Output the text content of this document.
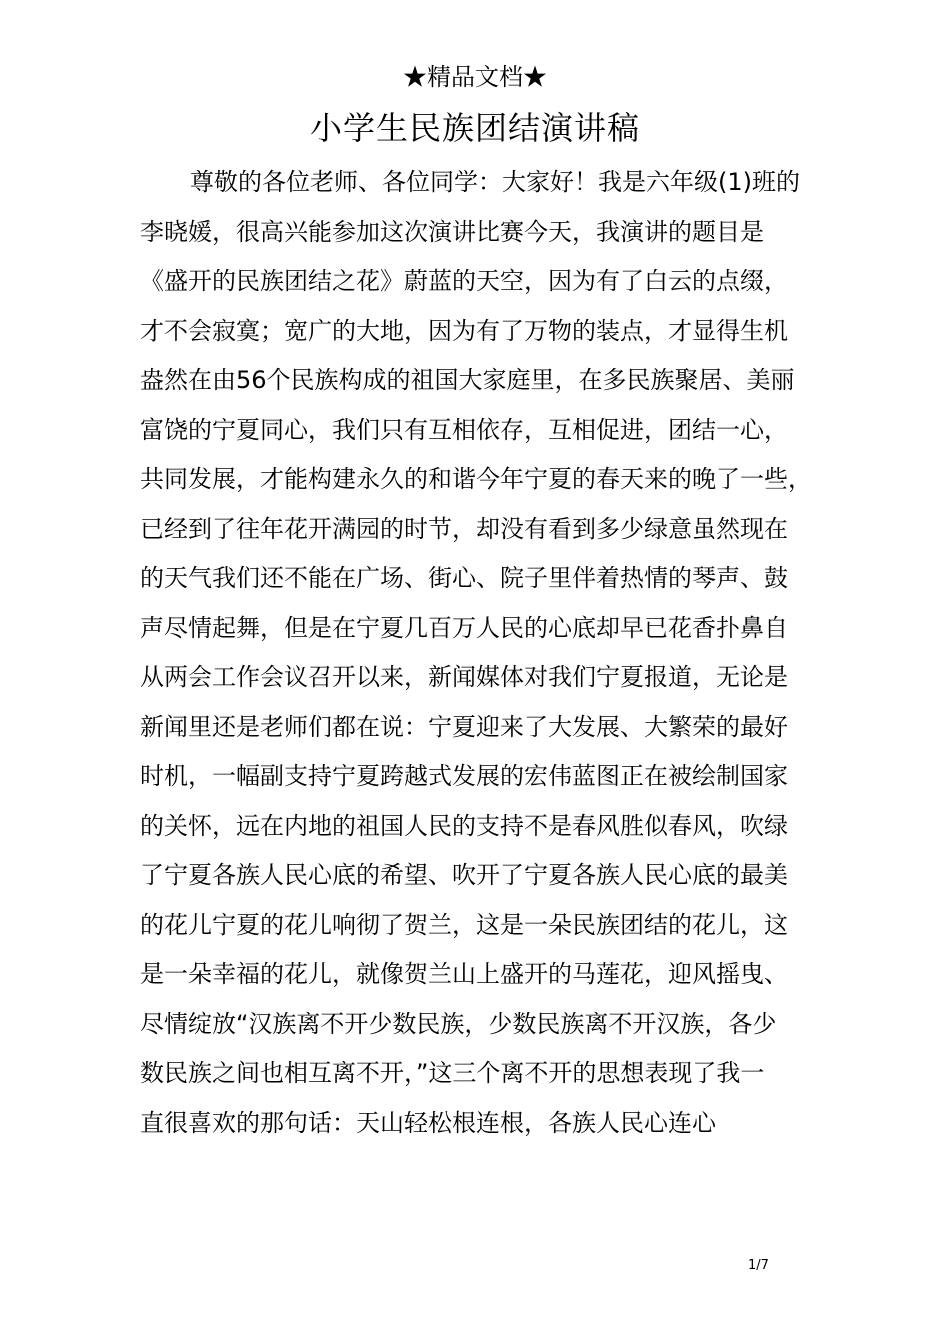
★精品文档★
小学生民族团结演讲稿
尊敬的各位老师、各位同学：大家好！我是六年级(1)班的
李晓媛，很高兴能参加这次演讲比赛今天，我演讲的题目是
《盛开的民族团结之花》蔚蓝的天空，因为有了白云的点缀，
才不会寂寞；宽广的大地，因为有了万物的装点，才显得生机
盎然在由56个民族构成的祖国大家庭里，在多民族聚居、美丽
富饶的宁夏同心，我们只有互相依存，互相促进，团结一心，
共同发展，才能构建永久的和谐今年宁夏的春天来的晚了一些，
已经到了往年花开满园的时节，却没有看到多少绿意虽然现在
的天气我们还不能在广场、街心、院子里伴着热情的琴声、鼓
声尽情起舞，但是在宁夏几百万人民的心底却早已花香扑鼻自
从两会工作会议召开以来，新闻媒体对我们宁夏报道，无论是
新闻里还是老师们都在说：宁夏迎来了大发展、大繁荣的最好
时机，一幅副支持宁夏跨越式发展的宏伟蓝图正在被绘制国家
的关怀，远在内地的祖国人民的支持不是春风胜似春风，吹绿
了宁夏各族人民心底的希望、吹开了宁夏各族人民心底的最美
的花儿宁夏的花儿响彻了贺兰，这是一朵民族团结的花儿，这
是一朵幸福的花儿，就像贺兰山上盛开的马莲花，迎风摇曳、
尽情绽放“汉族离不开少数民族，少数民族离不开汉族，各少
数民族之间也相互离不开，”这三个离不开的思想表现了我一
直很喜欢的那句话：天山轻松根连根，各族人民心连心
1/7
